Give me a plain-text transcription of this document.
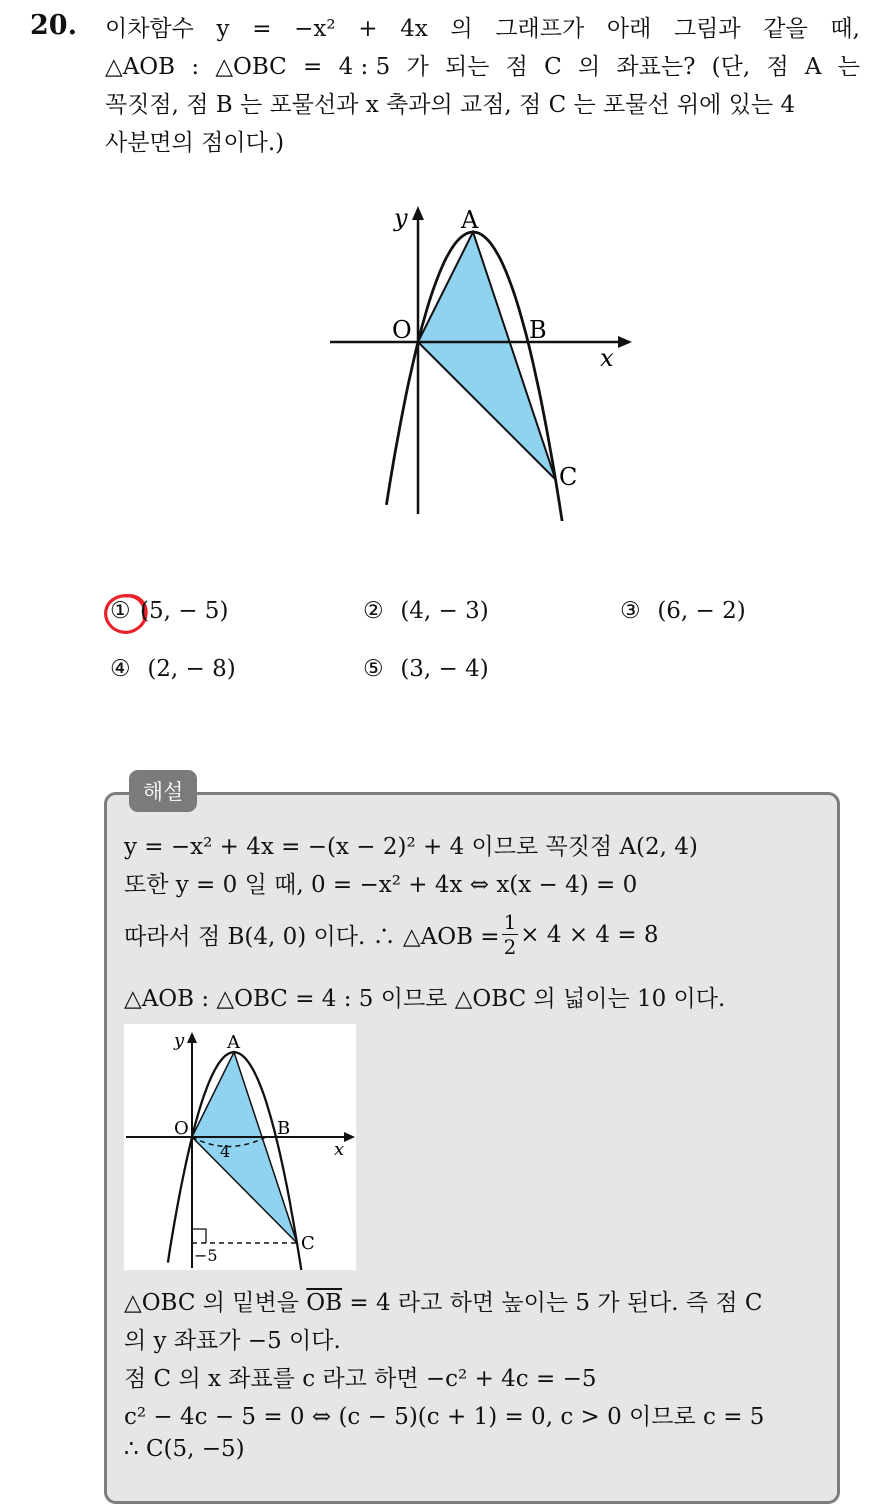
20. 이차함수 y = −x² + 4x 의 그래프가 아래 그림과 같을 때,
△AOB : △OBC = 4 : 5 가 되는 점 C 의 좌표는? (단, 점 A 는
꼭짓점, 점 B 는 포물선과 x 축과의 교점, 점 C 는 포물선 위에 있는 4
사분면의 점이다.)
y A
O	B
x
C
① (5, − 5)	② (4, − 3)	③ (6, − 2)
④ (2, − 8)	⑤ (3, − 4)
해설
y = −x² + 4x = −(x − 2)² + 4 이므로 꼭짓점 A(2, 4)
또한 y = 0 일 때, 0 = −x² + 4x ⇔ x(x − 4) = 0
따라서 점 B(4, 0) 이다. ∴ △AOB = $\frac{1}{2} \times 4 \times 4 = 8$
△AOB : △OBC = 4 : 5 이므로 △OBC 의 넓이는 10 이다.
y A
O	B
x
C
4
−5
△OBC 의 밑변을 $\overline{OB} = 4$ 라고 하면 높이는 5 가 된다. 즉 점 C
의 y 좌표가 −5 이다.
점 C 의 x 좌표를 c 라고 하면 −c² + 4c = −5
c² − 4c − 5 = 0 ⇔ (c − 5)(c + 1) = 0, c > 0 이므로 c = 5
∴ C(5, −5)
